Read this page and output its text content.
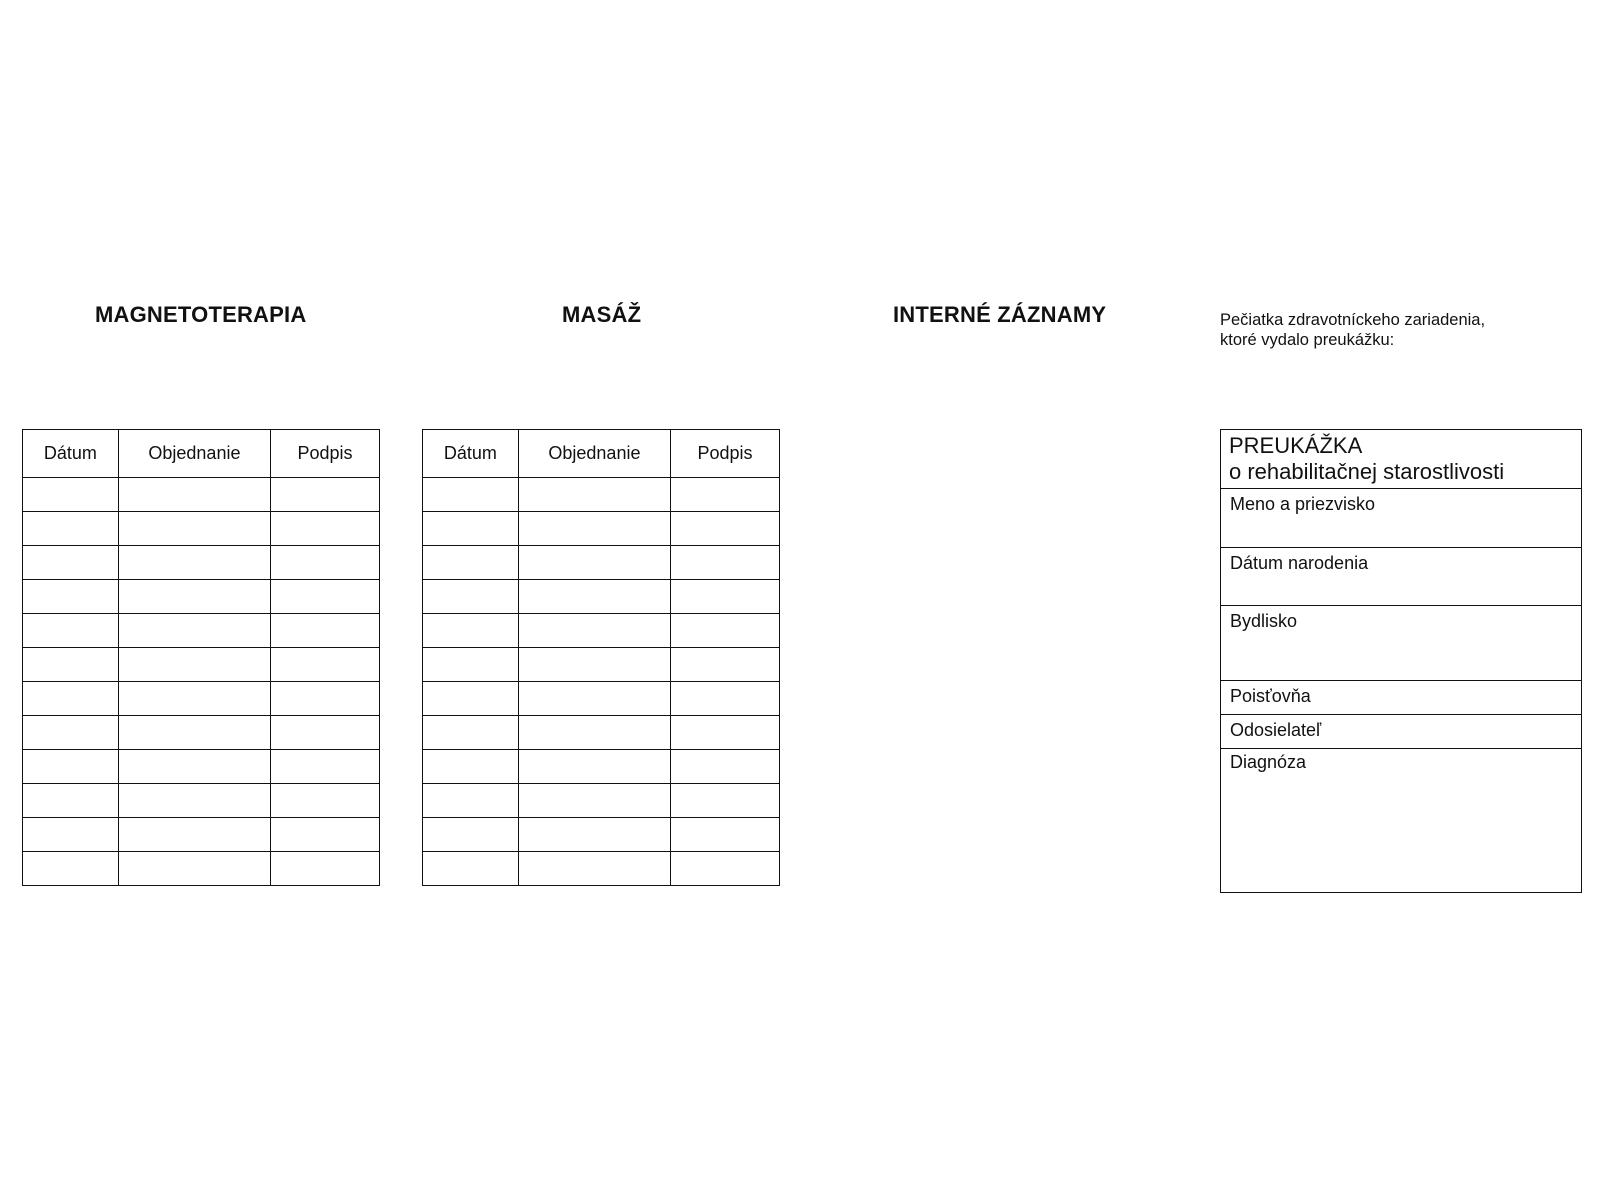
MAGNETOTERAPIA	MASÁŽ	INTERNÉ ZÁZNAMY	Pečiatka zdravotníckeho zariadenia,
ktoré vydalo preukážku:
Dátum	Objednanie	Podpis

			Dátum	Objednanie	Podpis

			PREUKÁŽKA
o rehabilitačnej starostlivosti
Meno a priezvisko
Dátum narodenia
Bydlisko
Poisťovňa
Odosielateľ
Diagnóza
